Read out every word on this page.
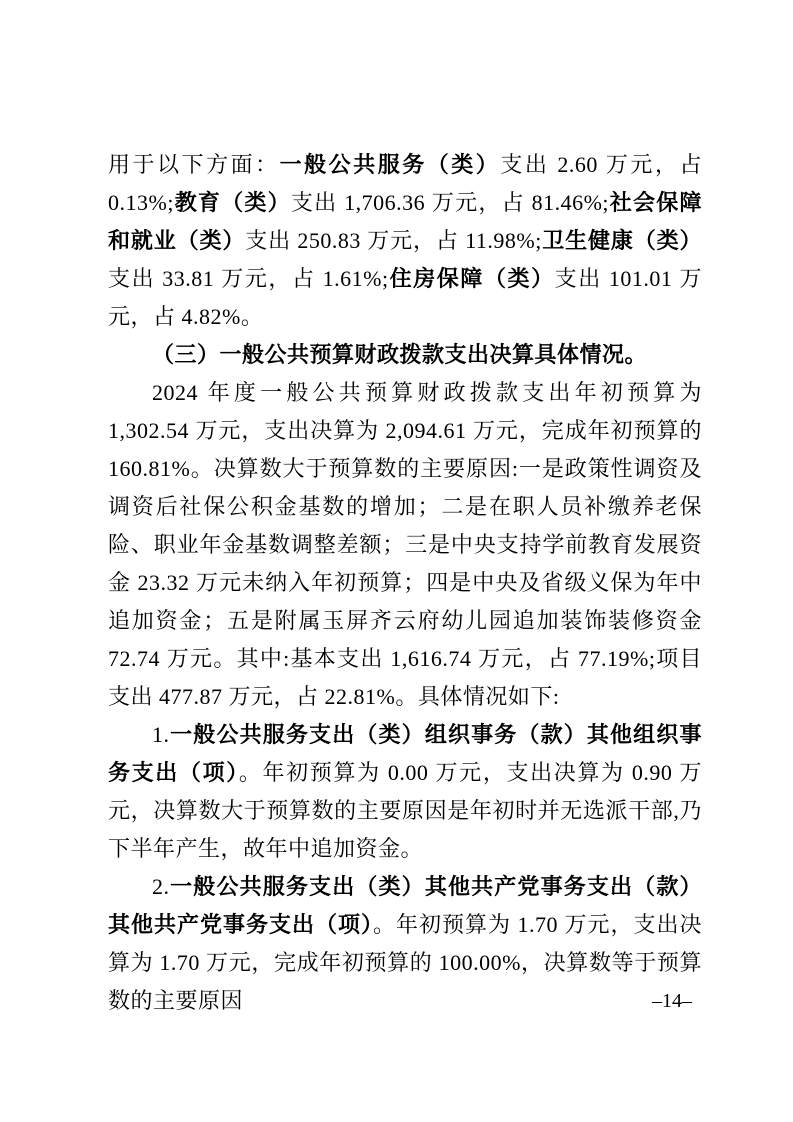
用于以下方面：一般公共服务（类）支出 2.60 万元，占 0.13%;教育（类）支出 1,706.36 万元，占 81.46%;社会保障和就业（类）支出 250.83 万元，占 11.98%;卫生健康（类）支出 33.81 万元，占 1.61%;住房保障（类）支出 101.01 万元，占 4.82%。

（三）一般公共预算财政拨款支出决算具体情况。

2024 年度一般公共预算财政拨款支出年初预算为 1,302.54 万元，支出决算为 2,094.61 万元，完成年初预算的 160.81%。决算数大于预算数的主要原因:一是政策性调资及调资后社保公积金基数的增加；二是在职人员补缴养老保险、职业年金基数调整差额；三是中央支持学前教育发展资金 23.32 万元未纳入年初预算；四是中央及省级义保为年中追加资金；五是附属玉屏齐云府幼儿园追加装饰装修资金 72.74 万元。其中:基本支出 1,616.74 万元，占 77.19%;项目支出 477.87 万元，占 22.81%。具体情况如下:

1.一般公共服务支出（类）组织事务（款）其他组织事务支出（项）。年初预算为 0.00 万元，支出决算为 0.90 万元，决算数大于预算数的主要原因是年初时并无选派干部,乃下半年产生，故年中追加资金。

2.一般公共服务支出（类）其他共产党事务支出（款）其他共产党事务支出（项）。年初预算为 1.70 万元，支出决算为 1.70 万元，完成年初预算的 100.00%，决算数等于预算数的主要原因	–14–
